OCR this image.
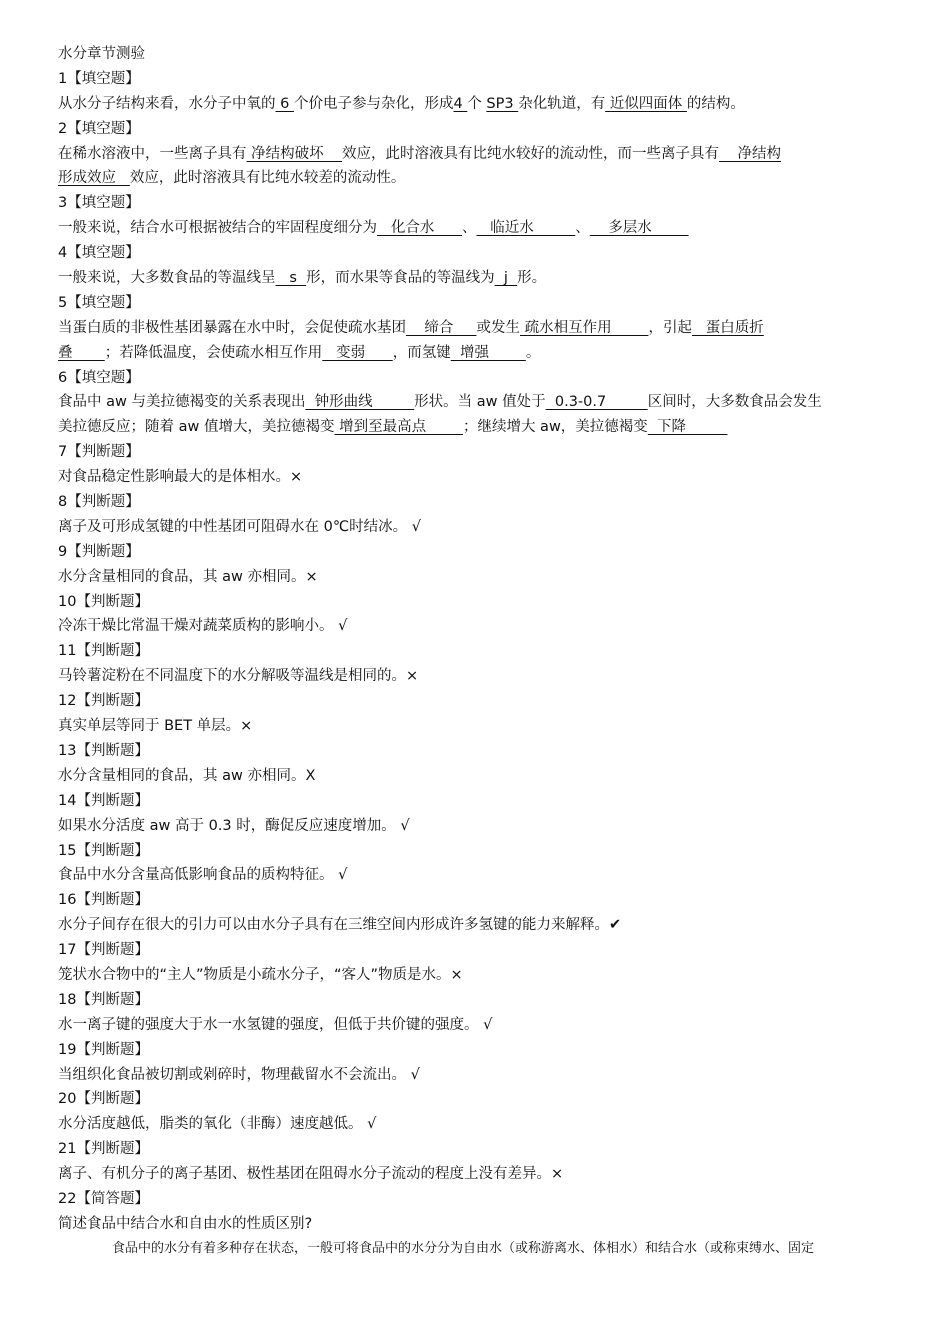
水分章节测验
1【填空题】
从水分子结构来看，水分子中氧的 6 个价电子参与杂化，形成4 个 SP3 杂化轨道，有 近似四面体 的结构。
2【填空题】
在稀水溶液中，一些离子具有 净结构破坏    效应，此时溶液具有比纯水较好的流动性，而一些离子具有    净结构
形成效应   效应，此时溶液具有比纯水较差的流动性。
3【填空题】
一般来说，结合水可根据被结合的牢固程度细分为   化合水      、   临近水         、    多层水
4【填空题】
一般来说，大多数食品的等温线呈   s  形，而水果等食品的等温线为  j  形。
5【填空题】
当蛋白质的非极性基团暴露在水中时，会促使疏水基团    缔合     或发生 疏水相互作用        ，引起   蛋白质折
叠       ；若降低温度，会使疏水相互作用   变弱      ，而氢键  增强        。
6【填空题】
食品中 aw 与美拉德褐变的关系表现出  钟形曲线         形状。当 aw 值处于  0.3-0.7         区间时，大多数食品会发生
美拉德反应；随着 aw 值增大，美拉德褐变 增到至最高点        ；继续增大 aw，美拉德褐变  下降
7【判断题】
对食品稳定性影响最大的是体相水。×
8【判断题】
离子及可形成氢键的中性基团可阻碍水在 0℃时结冰。 √
9【判断题】
水分含量相同的食品，其 aw 亦相同。×
10【判断题】
冷冻干燥比常温干燥对蔬菜质构的影响小。 √
11【判断题】
马铃薯淀粉在不同温度下的水分解吸等温线是相同的。×
12【判断题】
真实单层等同于 BET 单层。×
13【判断题】
水分含量相同的食品，其 aw 亦相同。X
14【判断题】
如果水分活度 aw 高于 0.3 时，酶促反应速度增加。 √
15【判断题】
食品中水分含量高低影响食品的质构特征。 √
16【判断题】
水分子间存在很大的引力可以由水分子具有在三维空间内形成许多氢键的能力来解释。✔
17【判断题】
笼状水合物中的“主人”物质是小疏水分子，“客人”物质是水。×
18【判断题】
水一离子键的强度大于水一水氢键的强度，但低于共价键的强度。 √
19【判断题】
当组织化食品被切割或剁碎时，物理截留水不会流出。 √
20【判断题】
水分活度越低，脂类的氧化（非酶）速度越低。 √
21【判断题】
离子、有机分子的离子基团、极性基团在阻碍水分子流动的程度上没有差异。×
22【简答题】
简述食品中结合水和自由水的性质区别?
食品中的水分有着多种存在状态，一般可将食品中的水分分为自由水（或称游离水、体相水）和结合水（或称束缚水、固定
